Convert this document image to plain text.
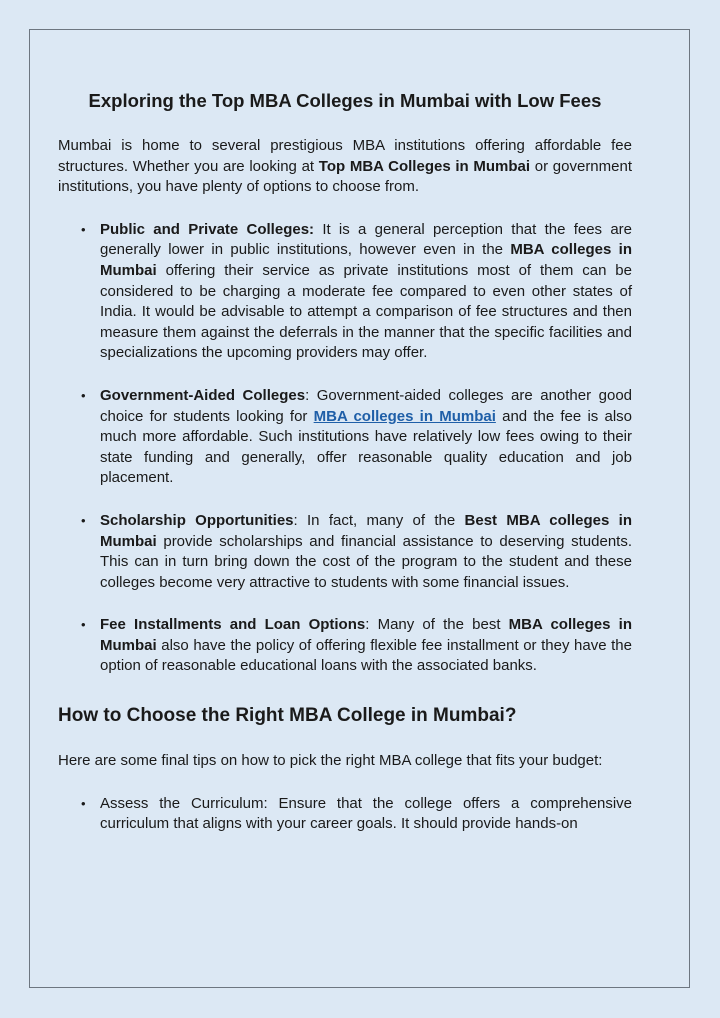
Exploring the Top MBA Colleges in Mumbai with Low Fees

Mumbai is home to several prestigious MBA institutions offering affordable fee structures. Whether you are looking at Top MBA Colleges in Mumbai or government institutions, you have plenty of options to choose from.

• Public and Private Colleges: It is a general perception that the fees are generally lower in public institutions, however even in the MBA colleges in Mumbai offering their service as private institutions most of them can be considered to be charging a moderate fee compared to even other states of India. It would be advisable to attempt a comparison of fee structures and then measure them against the deferrals in the manner that the specific facilities and specializations the upcoming providers may offer.
• Government-Aided Colleges: Government-aided colleges are another good choice for students looking for MBA colleges in Mumbai and the fee is also much more affordable. Such institutions have relatively low fees owing to their state funding and generally, offer reasonable quality education and job placement.
• Scholarship Opportunities: In fact, many of the Best MBA colleges in Mumbai provide scholarships and financial assistance to deserving students. This can in turn bring down the cost of the program to the student and these colleges become very attractive to students with some financial issues.
• Fee Installments and Loan Options: Many of the best MBA colleges in Mumbai also have the policy of offering flexible fee installment or they have the option of reasonable educational loans with the associated banks.
How to Choose the Right MBA College in Mumbai?

Here are some final tips on how to pick the right MBA college that fits your budget:

• Assess the Curriculum: Ensure that the college offers a comprehensive curriculum that aligns with your career goals. It should provide hands-on
